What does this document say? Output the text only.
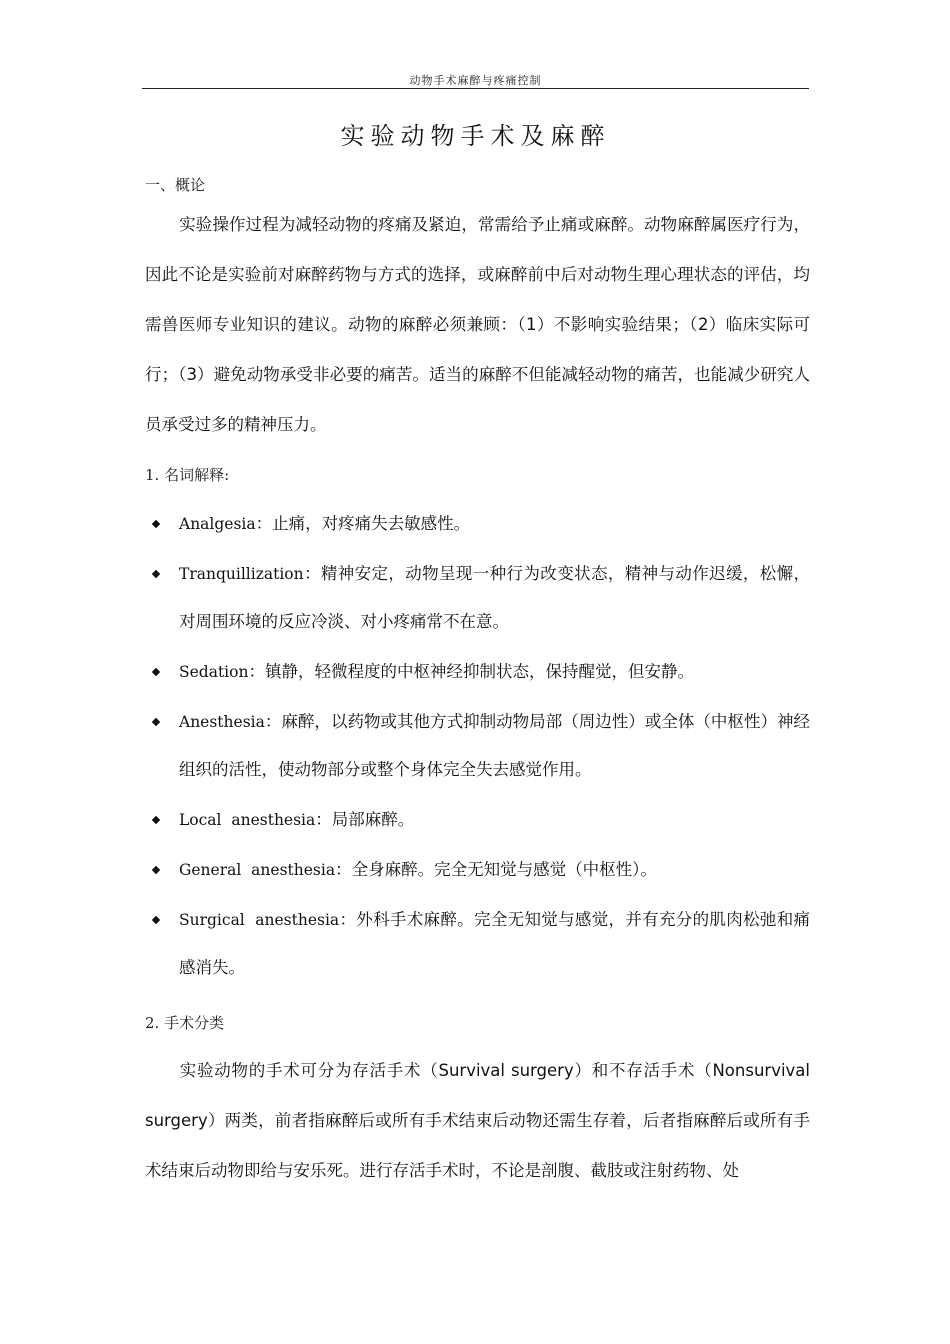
动物手术麻醉与疼痛控制
实验动物手术及麻醉
一、概论
实验操作过程为减轻动物的疼痛及紧迫，常需给予止痛或麻醉。动物麻醉属医疗行为，因此不论是实验前对麻醉药物与方式的选择，或麻醉前中后对动物生理心理状态的评估，均需兽医师专业知识的建议。动物的麻醉必须兼顾：（1）不影响实验结果；（2）临床实际可行；（3）避免动物承受非必要的痛苦。适当的麻醉不但能减轻动物的痛苦，也能减少研究人员承受过多的精神压力。
1. 名词解释:
Analgesia：止痛，对疼痛失去敏感性。
Tranquillization：精神安定，动物呈现一种行为改变状态，精神与动作迟缓，松懈，对周围环境的反应冷淡、对小疼痛常不在意。
Sedation：镇静，轻微程度的中枢神经抑制状态，保持醒觉，但安静。
Anesthesia：麻醉，以药物或其他方式抑制动物局部（周边性）或全体（中枢性）神经组织的活性，使动物部分或整个身体完全失去感觉作用。
Local  anesthesia：局部麻醉。
General  anesthesia：全身麻醉。完全无知觉与感觉（中枢性）。
Surgical  anesthesia：外科手术麻醉。完全无知觉与感觉，并有充分的肌肉松弛和痛感消失。
2. 手术分类
实验动物的手术可分为存活手术（Survival surgery）和不存活手术（Nonsurvival surgery）两类，前者指麻醉后或所有手术结束后动物还需生存着，后者指麻醉后或所有手术结束后动物即给与安乐死。进行存活手术时，不论是剖腹、截肢或注射药物、处
